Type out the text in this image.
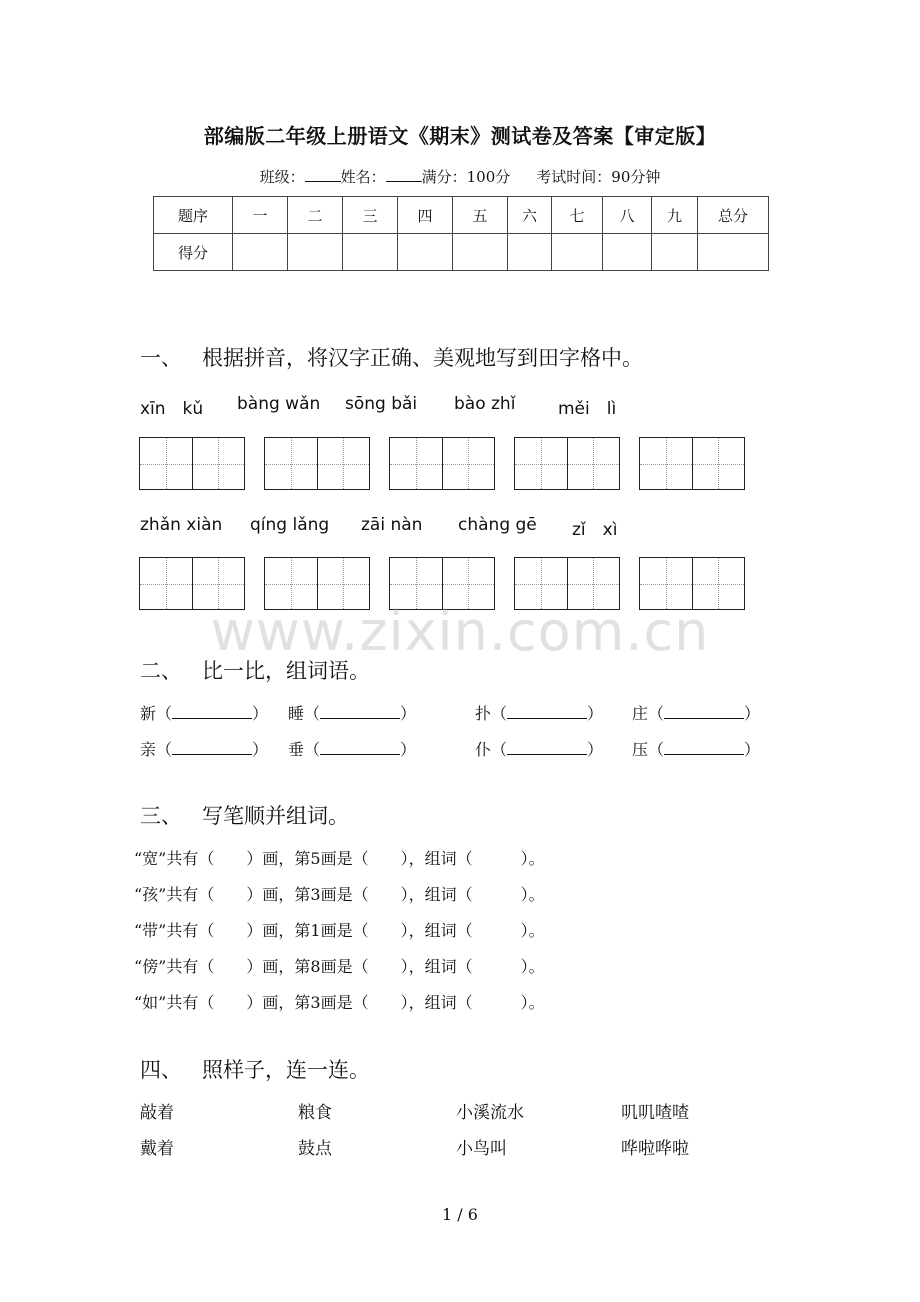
部编版二年级上册语文《期末》测试卷及答案【审定版】
班级： 姓名： 满分：100分 考试时间：90分钟
题序	一	二	三	四	五	六	七	八	九	总分
得分										
一、 根据拼音，将汉字正确、美观地写到田字格中。
xīn　kǔ bàng wǎn sōng bǎi bào zhǐ	měi　lì
zhǎn xiàn qíng lǎng zāi nàn chàng gē zǐ　xì
www.zixin.com.cn
二、 比一比，组词语。
新（	） 睡（	）	扑（	） 庄（	）
亲（	） 垂（	）	仆（	） 压（	）
三、 写笔顺并组词。
“宽”共有（　　）画，第5画是（　　），组词（　　　）。
“孩”共有（　　）画，第3画是（　　），组词（　　　）。
“带”共有（　　）画，第1画是（　　），组词（　　　）。
“傍”共有（　　）画，第8画是（　　），组词（　　　）。
“如”共有（　　）画，第3画是（　　），组词（　　　）。
四、 照样子，连一连。
敲着	粮食	小溪流水	叽叽喳喳
戴着	鼓点	小鸟叫	哗啦哗啦
1 / 6
